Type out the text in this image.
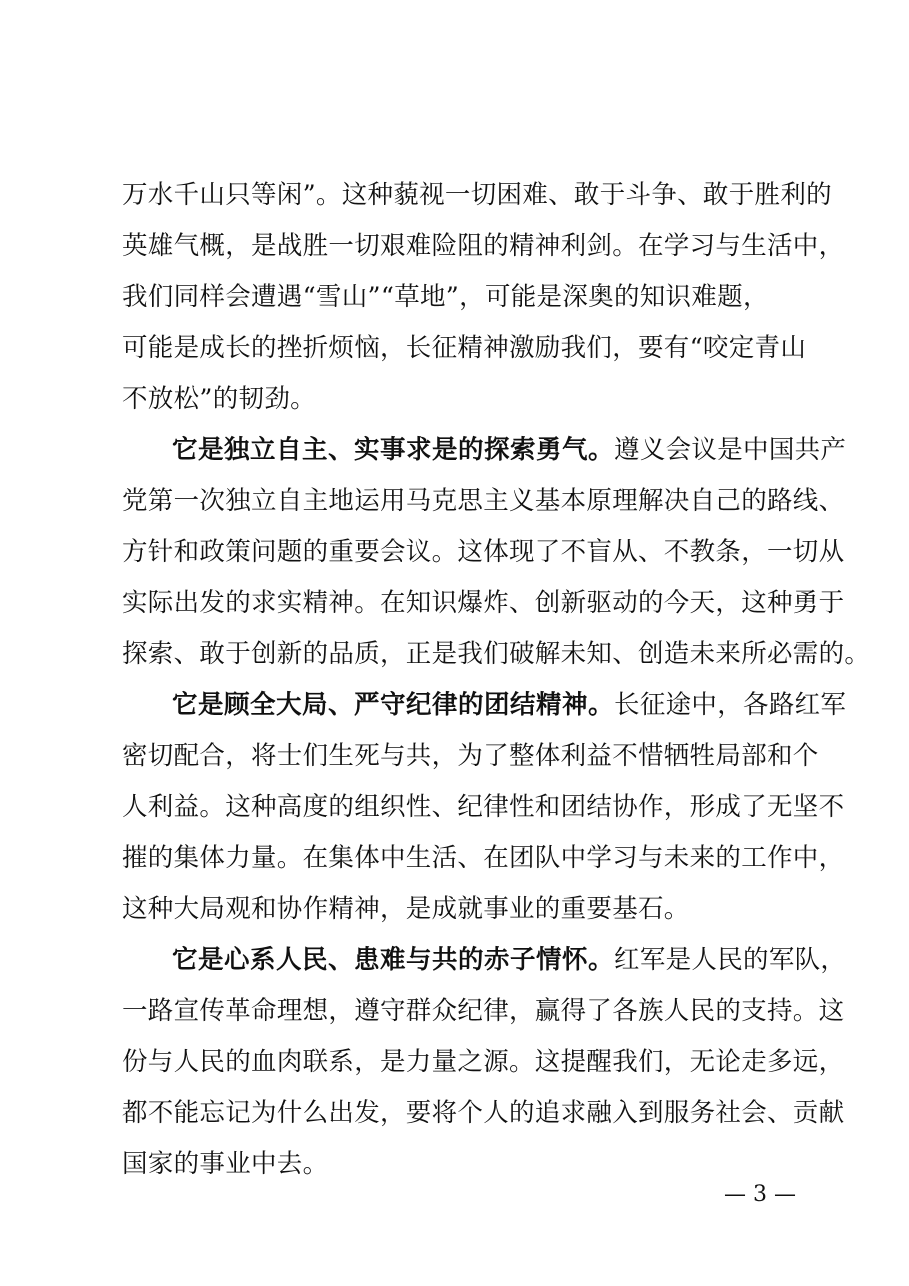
万水千山只等闲”。这种藐视一切困难、敢于斗争、敢于胜利的
英雄气概，是战胜一切艰难险阻的精神利剑。在学习与生活中，
我们同样会遭遇“雪山”“草地”，可能是深奥的知识难题，
可能是成长的挫折烦恼，长征精神激励我们，要有“咬定青山
不放松”的韧劲。
它是独立自主、实事求是的探索勇气。遵义会议是中国共产
党第一次独立自主地运用马克思主义基本原理解决自己的路线、
方针和政策问题的重要会议。这体现了不盲从、不教条，一切从
实际出发的求实精神。在知识爆炸、创新驱动的今天，这种勇于
探索、敢于创新的品质，正是我们破解未知、创造未来所必需的。
它是顾全大局、严守纪律的团结精神。长征途中，各路红军
密切配合，将士们生死与共，为了整体利益不惜牺牲局部和个
人利益。这种高度的组织性、纪律性和团结协作，形成了无坚不
摧的集体力量。在集体中生活、在团队中学习与未来的工作中，
这种大局观和协作精神，是成就事业的重要基石。
它是心系人民、患难与共的赤子情怀。红军是人民的军队，
一路宣传革命理想，遵守群众纪律，赢得了各族人民的支持。这
份与人民的血肉联系，是力量之源。这提醒我们，无论走多远，
都不能忘记为什么出发，要将个人的追求融入到服务社会、贡献
国家的事业中去。
— 3 —
